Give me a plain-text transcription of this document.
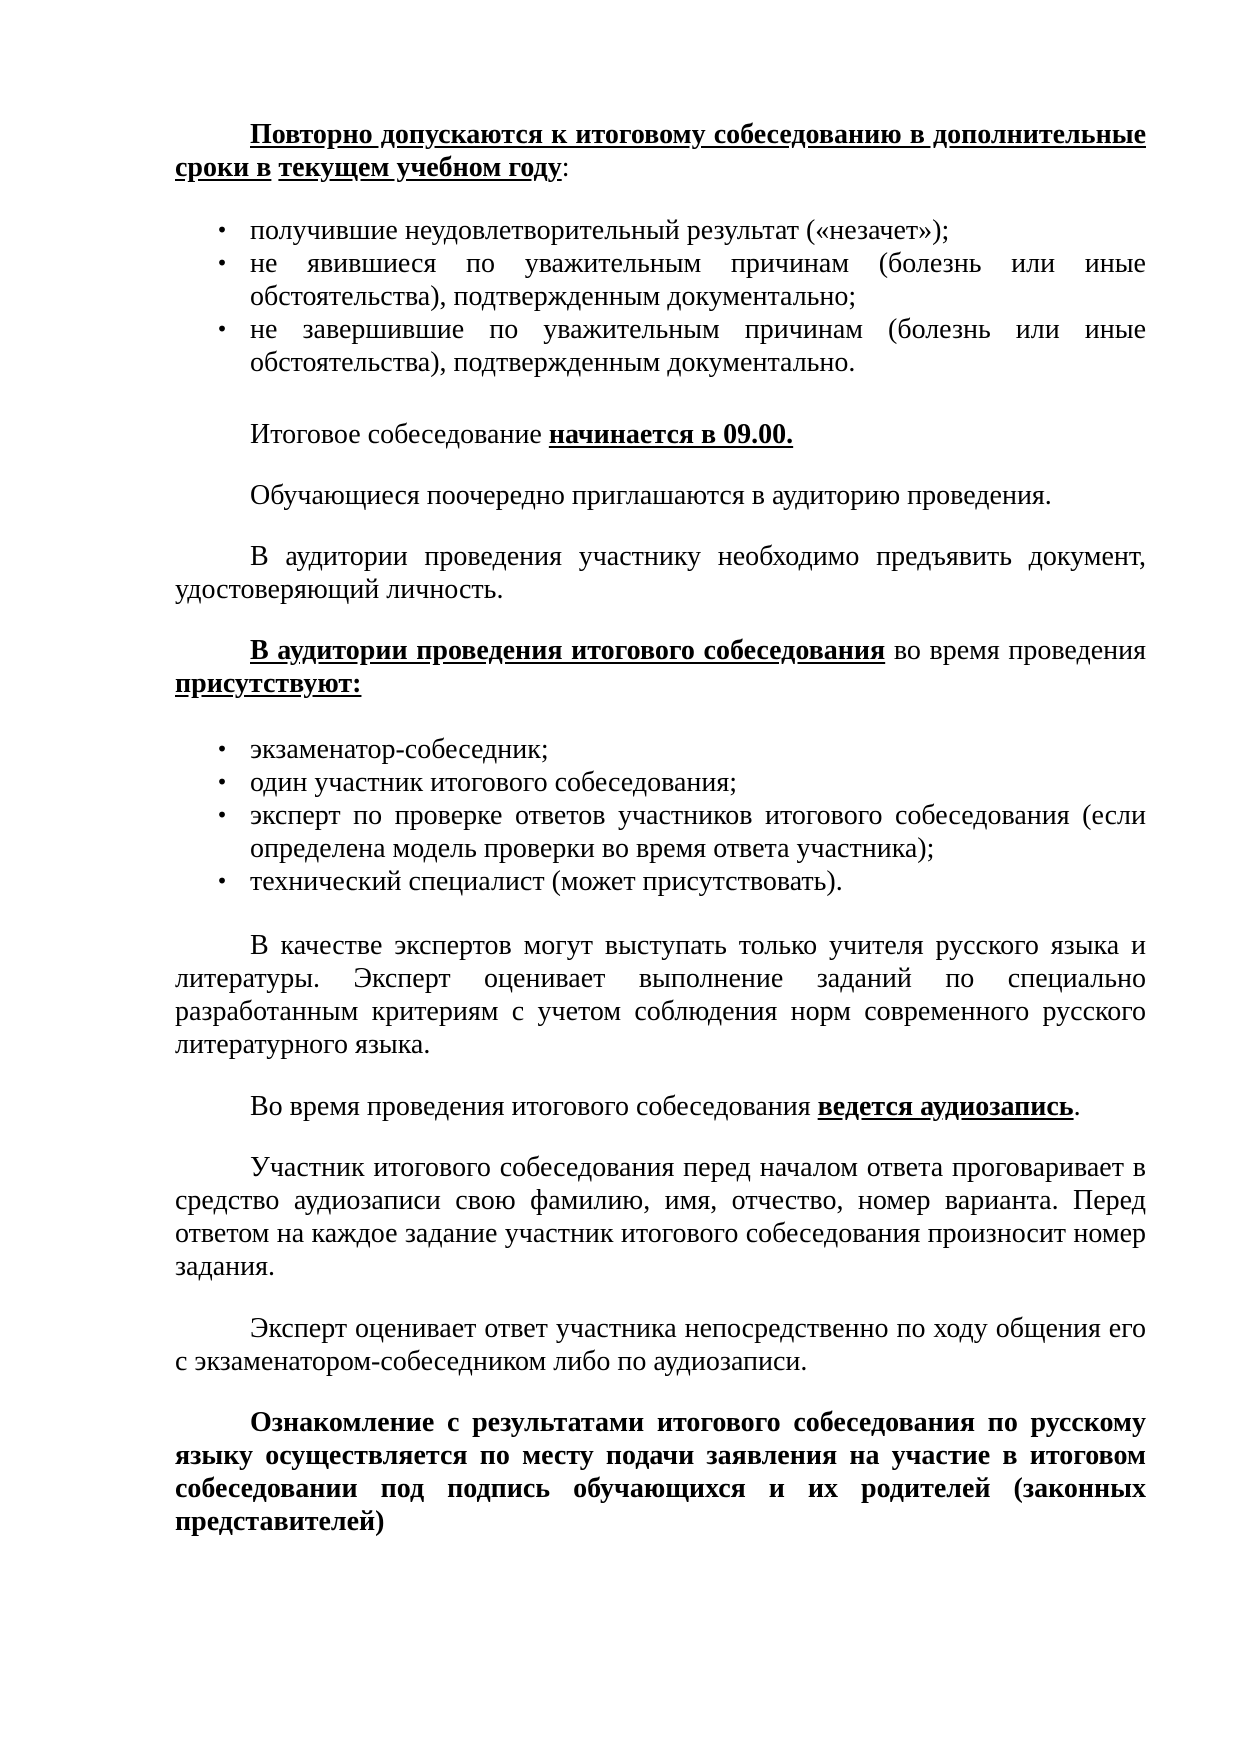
Повторно допускаются к итоговому собеседованию в дополнительные сроки в текущем учебном году:

• получившие неудовлетворительный результат («незачет»);
• не явившиеся по уважительным причинам (болезнь или иные обстоятельства), подтвержденным документально;
• не завершившие по уважительным причинам (болезнь или иные обстоятельства), подтвержденным документально.

Итоговое собеседование начинается в 09.00.

Обучающиеся поочередно приглашаются в аудиторию проведения.

В аудитории проведения участнику необходимо предъявить документ, удостоверяющий личность.

В аудитории проведения итогового собеседования во время проведения присутствуют:

• экзаменатор-собеседник;
• один участник итогового собеседования;
• эксперт по проверке ответов участников итогового собеседования (если определена модель проверки во время ответа участника);
• технический специалист (может присутствовать).

В качестве экспертов могут выступать только учителя русского языка и литературы. Эксперт оценивает выполнение заданий по специально разработанным критериям с учетом соблюдения норм современного русского литературного языка.

Во время проведения итогового собеседования ведется аудиозапись.

Участник итогового собеседования перед началом ответа проговаривает в средство аудиозаписи свою фамилию, имя, отчество, номер варианта. Перед ответом на каждое задание участник итогового собеседования произносит номер задания.

Эксперт оценивает ответ участника непосредственно по ходу общения его с экзаменатором-собеседником либо по аудиозаписи.

Ознакомление с результатами итогового собеседования по русскому языку осуществляется по месту подачи заявления на участие в итоговом собеседовании под подпись обучающихся и их родителей (законных представителей)
